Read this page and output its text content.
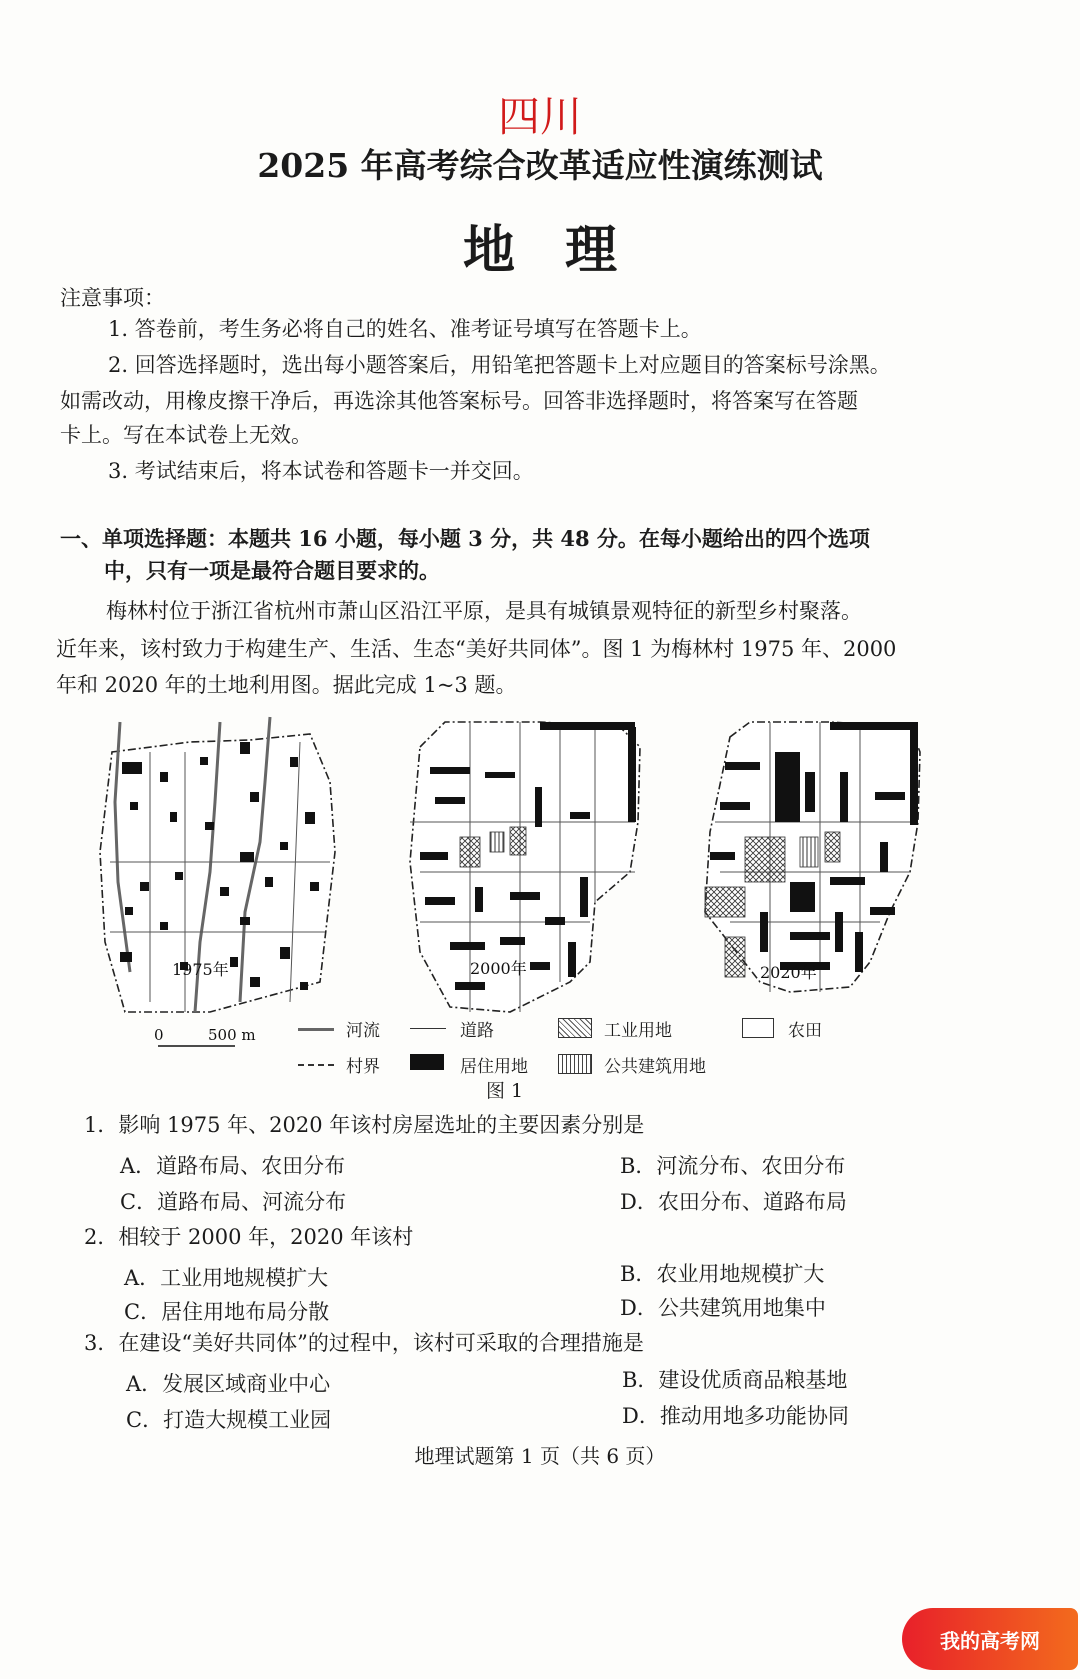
四川
2025 年高考综合改革适应性演练测试
地理
注意事项：
1. 答卷前，考生务必将自己的姓名、准考证号填写在答题卡上。
2. 回答选择题时，选出每小题答案后，用铅笔把答题卡上对应题目的答案标号涂黑。
如需改动，用橡皮擦干净后，再选涂其他答案标号。回答非选择题时，将答案写在答题
卡上。写在本试卷上无效。
3. 考试结束后，将本试卷和答题卡一并交回。
一、单项选择题：本题共 16 小题，每小题 3 分，共 48 分。在每小题给出的四个选项
中，只有一项是最符合题目要求的。
梅林村位于浙江省杭州市萧山区沿江平原，是具有城镇景观特征的新型乡村聚落。
近年来，该村致力于构建生产、生活、生态“美好共同体”。图 1 为梅林村 1975 年、2000
年和 2020 年的土地利用图。据此完成 1~3 题。
1975年	2000年	2020年
0	500 m	河流	道路	工业用地	农田
村界	居住用地	公共建筑用地
图 1
1．影响 1975 年、2020 年该村房屋选址的主要因素分别是
A．道路布局、农田分布	B．河流分布、农田分布
C．道路布局、河流分布	D．农田分布、道路布局
2．相较于 2000 年，2020 年该村
A．工业用地规模扩大	B．农业用地规模扩大
C．居住用地布局分散	D．公共建筑用地集中
3．在建设“美好共同体”的过程中，该村可采取的合理措施是
A．发展区域商业中心	B．建设优质商品粮基地
C．打造大规模工业园	D．推动用地多功能协同
地理试题第 1 页（共 6 页）
我的高考网
